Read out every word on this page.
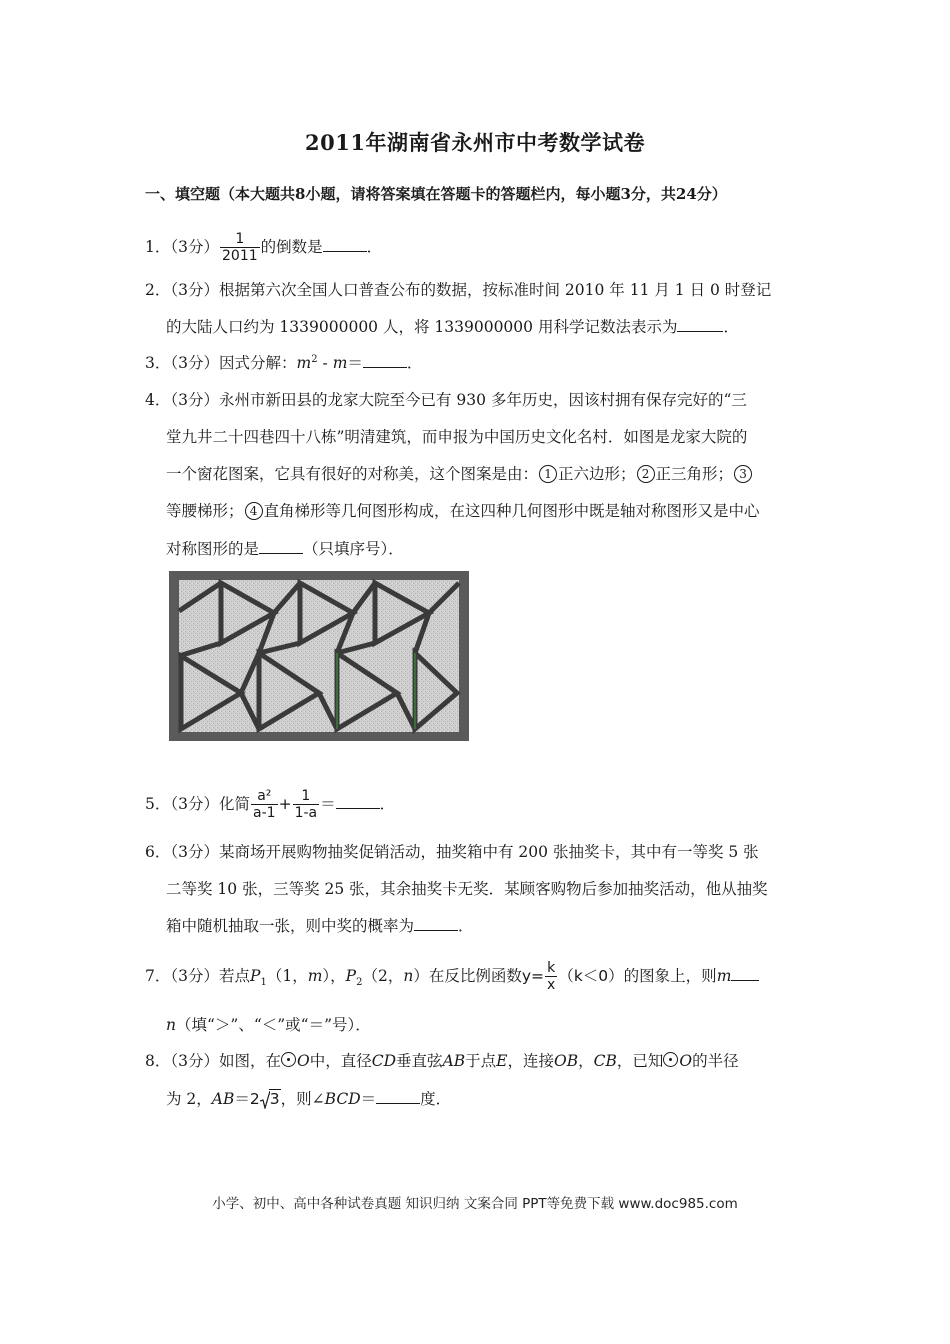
2011年湖南省永州市中考数学试卷
一、填空题（本大题共8小题，请将答案填在答题卡的答题栏内，每小题3分，共24分）
1．（3分） $\frac{1}{2011}$ 的倒数是	．
2．（3分）根据第六次全国人口普查公布的数据，按标准时间 2010 年 11 月 1 日 0 时登记
的大陆人口约为 1339000000 人，将 1339000000 用科学记数法表示为	．
3．（3分）因式分解：$m^2 - m=$	．
4．（3分）永州市新田县的龙家大院至今已有 930 多年历史，因该村拥有保存完好的“三
堂九井二十四巷四十八栋”明清建筑，而申报为中国历史文化名村．如图是龙家大院的
一个窗花图案，它具有很好的对称美，这个图案是由： 1 正六边形； 2 正三角形； 3
等腰梯形； 4 直角梯形等几何图形构成，在这四种几何图形中既是轴对称图形又是中心
对称图形的是	（只填序号）．
5．（3分）化简 $\frac{\text{a²}}{a-1} + \frac{1}{1-a}$ ＝	．
6．（3分）某商场开展购物抽奖促销活动，抽奖箱中有 200 张抽奖卡，其中有一等奖 5 张
二等奖 10 张，三等奖 25 张，其余抽奖卡无奖．某顾客购物后参加抽奖活动，他从抽奖
箱中随机抽取一张，则中奖的概率为	．
7．（3分）若点$P_1(1$，m），$P_2(2$，n）在反比例函数$y= \frac{k}{x} (k<0)$的图象上，则m
n（填“＞”、“＜”或“＝”号）．
8．（3分）如图，在 O中，直径CD垂直弦AB于点E，连接OB，CB，已知 O的半径
为 2，AB＝2 3，则∠BCD＝	度．
小学、初中、高中各种试卷真题 知识归纳 文案合同 PPT等免费下载 www.doc985.com
